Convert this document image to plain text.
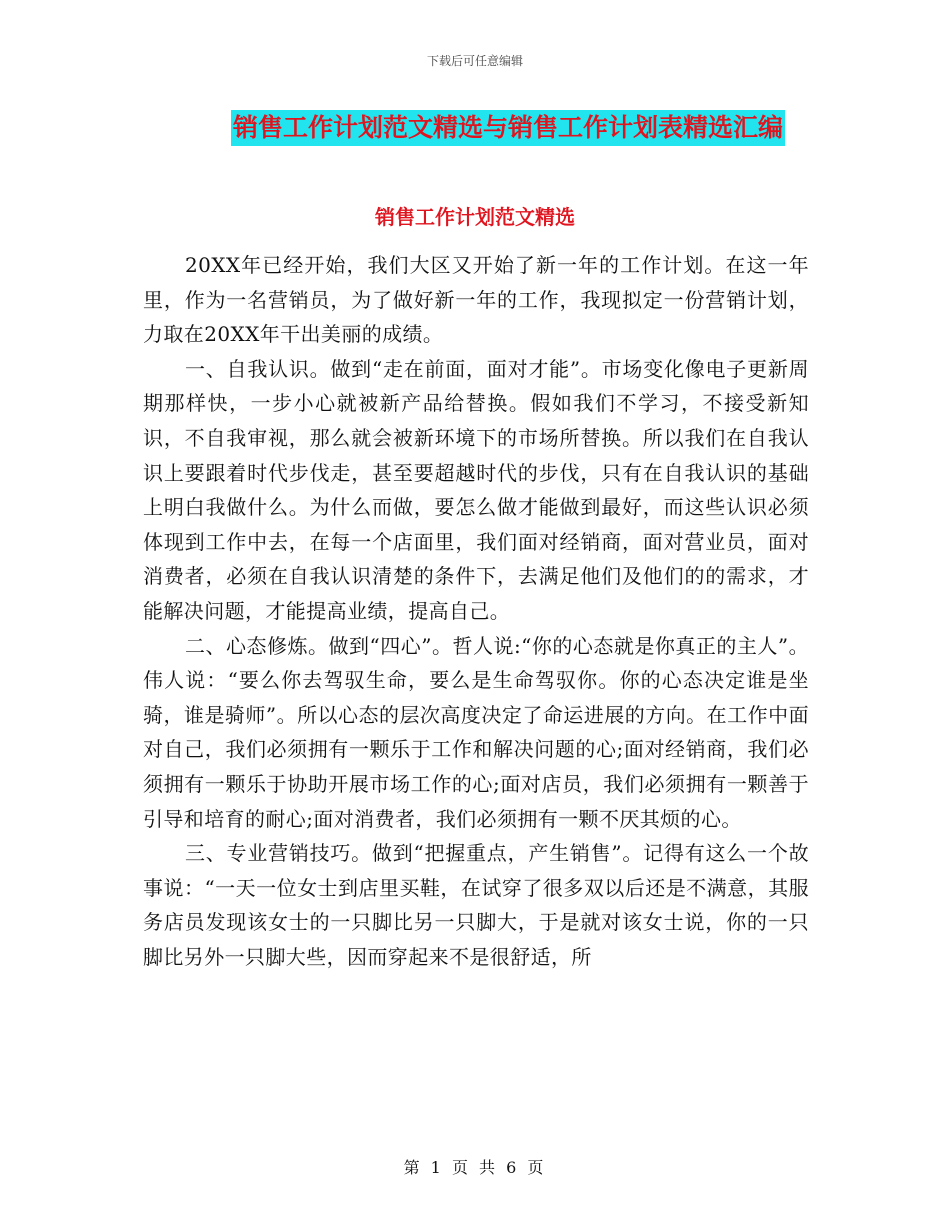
下载后可任意编辑
销售工作计划范文精选与销售工作计划表精选汇编
销售工作计划范文精选

20XX年已经开始，我们大区又开始了新一年的工作计划。在这一年里，作为一名营销员，为了做好新一年的工作，我现拟定一份营销计划，力取在20XX年干出美丽的成绩。

一、自我认识。做到“走在前面，面对才能”。市场变化像电子更新周期那样快，一步小心就被新产品给替换。假如我们不学习，不接受新知识，不自我审视，那么就会被新环境下的市场所替换。所以我们在自我认识上要跟着时代步伐走，甚至要超越时代的步伐，只有在自我认识的基础上明白我做什么。为什么而做，要怎么做才能做到最好，而这些认识必须体现到工作中去，在每一个店面里，我们面对经销商，面对营业员，面对消费者，必须在自我认识清楚的条件下，去满足他们及他们的的需求，才能解决问题，才能提高业绩，提高自己。

二、心态修炼。做到“四心”。哲人说:“你的心态就是你真正的主人”。伟人说：“要么你去驾驭生命，要么是生命驾驭你。你的心态决定谁是坐骑，谁是骑师”。所以心态的层次高度决定了命运进展的方向。在工作中面对自己，我们必须拥有一颗乐于工作和解决问题的心;面对经销商，我们必须拥有一颗乐于协助开展市场工作的心;面对店员，我们必须拥有一颗善于引导和培育的耐心;面对消费者，我们必须拥有一颗不厌其烦的心。

三、专业营销技巧。做到“把握重点，产生销售”。记得有这么一个故事说：“一天一位女士到店里买鞋，在试穿了很多双以后还是不满意，其服务店员发现该女士的一只脚比另一只脚大，于是就对该女士说，你的一只脚比另外一只脚大些，因而穿起来不是很舒适，所

第 1 页 共 6 页
